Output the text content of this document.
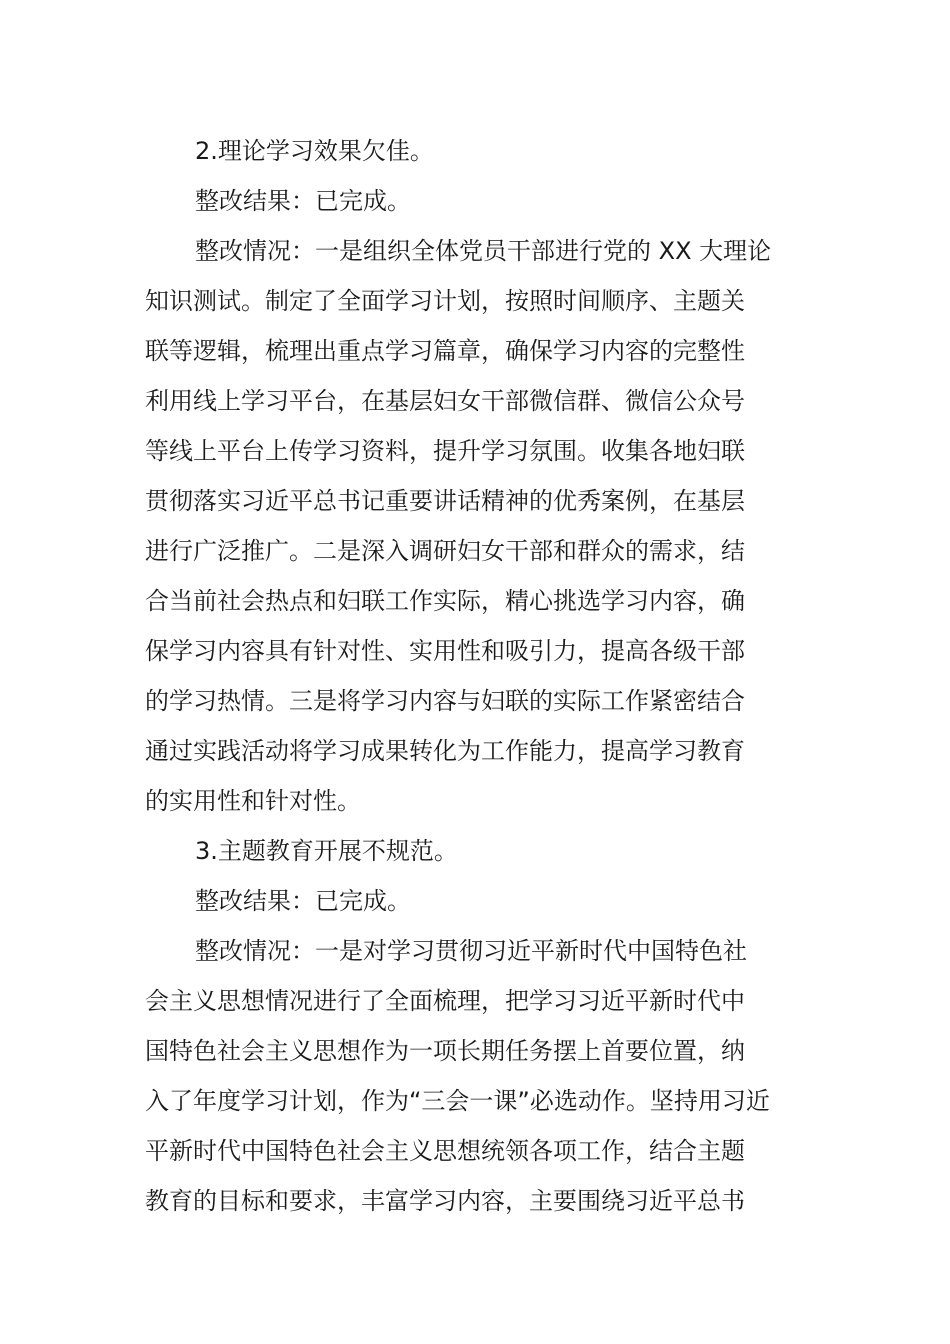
2.理论学习效果欠佳。
整改结果：已完成。
整改情况：一是组织全体党员干部进行党的 XX 大理论
知识测试。制定了全面学习计划，按照时间顺序、主题关
联等逻辑，梳理出重点学习篇章，确保学习内容的完整性
利用线上学习平台，在基层妇女干部微信群、微信公众号
等线上平台上传学习资料，提升学习氛围。收集各地妇联
贯彻落实习近平总书记重要讲话精神的优秀案例，在基层
进行广泛推广。二是深入调研妇女干部和群众的需求，结
合当前社会热点和妇联工作实际，精心挑选学习内容，确
保学习内容具有针对性、实用性和吸引力，提高各级干部
的学习热情。三是将学习内容与妇联的实际工作紧密结合
通过实践活动将学习成果转化为工作能力，提高学习教育
的实用性和针对性。
3.主题教育开展不规范。
整改结果：已完成。
整改情况：一是对学习贯彻习近平新时代中国特色社
会主义思想情况进行了全面梳理，把学习习近平新时代中
国特色社会主义思想作为一项长期任务摆上首要位置，纳
入了年度学习计划，作为“三会一课”必选动作。坚持用习近
平新时代中国特色社会主义思想统领各项工作，结合主题
教育的目标和要求，丰富学习内容，主要围绕习近平总书
